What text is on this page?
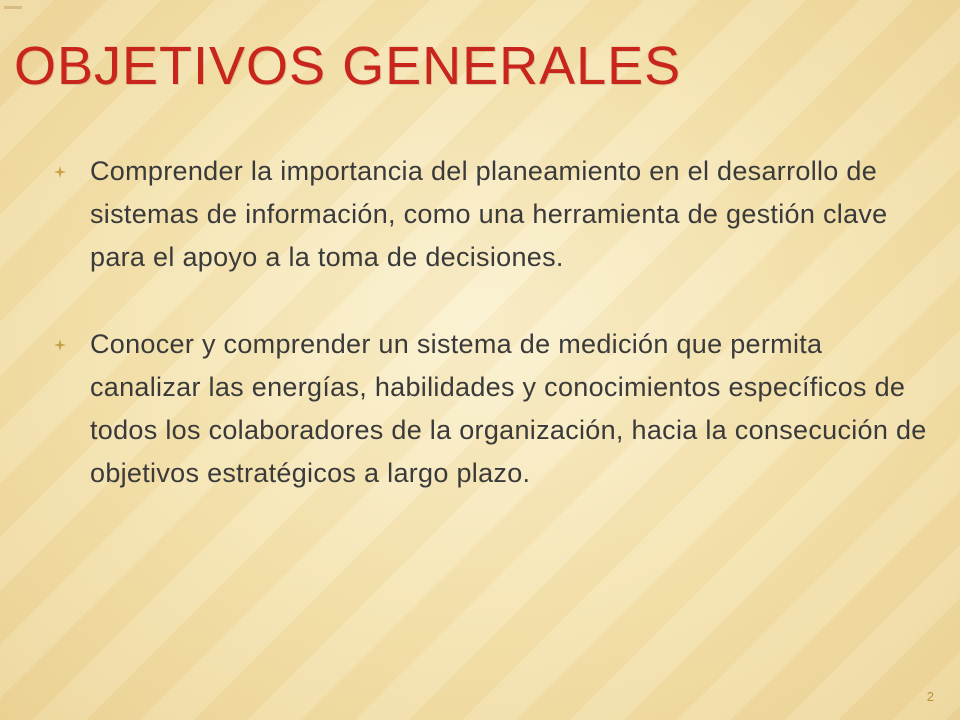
OBJETIVOS GENERALES
Comprender la importancia del planeamiento en el desarrollo de sistemas de información, como una herramienta de gestión clave para el apoyo a la toma de decisiones.
Conocer y comprender un sistema de medición que permita canalizar las energías, habilidades y conocimientos específicos de todos los colaboradores de la organización, hacia la consecución de objetivos estratégicos a largo plazo.
2
